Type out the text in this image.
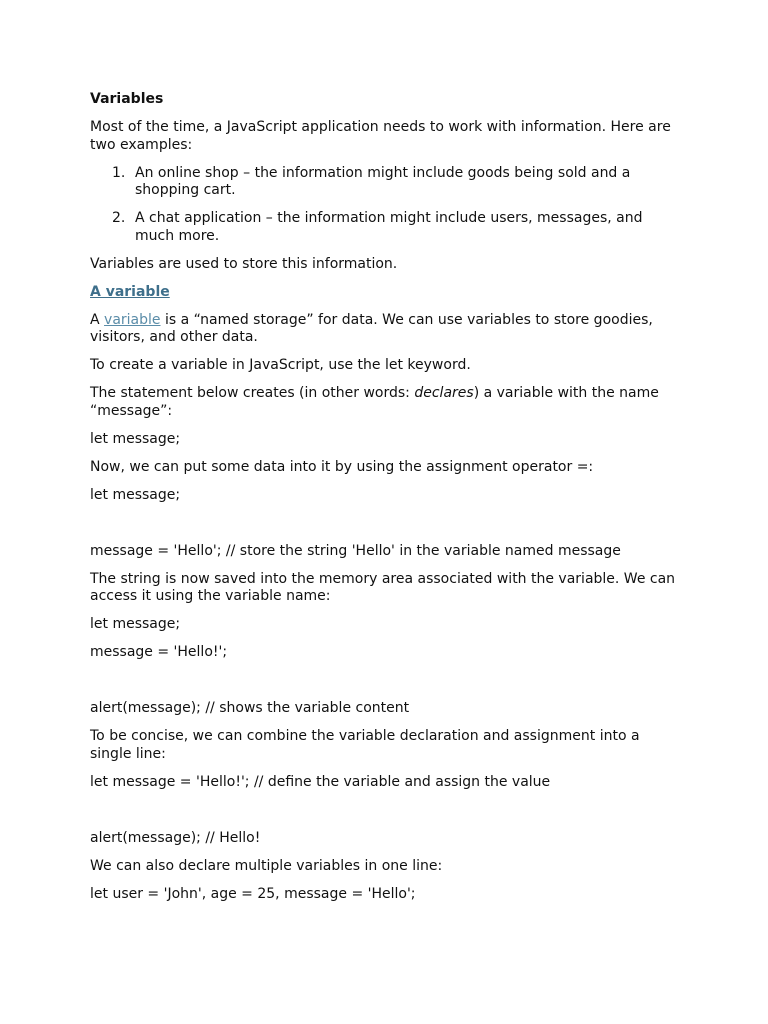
Variables
Most of the time, a JavaScript application needs to work with information. Here are two examples:
1. An online shop – the information might include goods being sold and a shopping cart.
2. A chat application – the information might include users, messages, and much more.
Variables are used to store this information.
A variable
A variable is a “named storage” for data. We can use variables to store goodies, visitors, and other data.
To create a variable in JavaScript, use the let keyword.
The statement below creates (in other words: declares) a variable with the name “message”:
let message;
Now, we can put some data into it by using the assignment operator =:
let message;
message = 'Hello'; // store the string 'Hello' in the variable named message
The string is now saved into the memory area associated with the variable. We can access it using the variable name:
let message;
message = 'Hello!';
alert(message); // shows the variable content
To be concise, we can combine the variable declaration and assignment into a single line:
let message = 'Hello!'; // define the variable and assign the value
alert(message); // Hello!
We can also declare multiple variables in one line:
let user = 'John', age = 25, message = 'Hello';
